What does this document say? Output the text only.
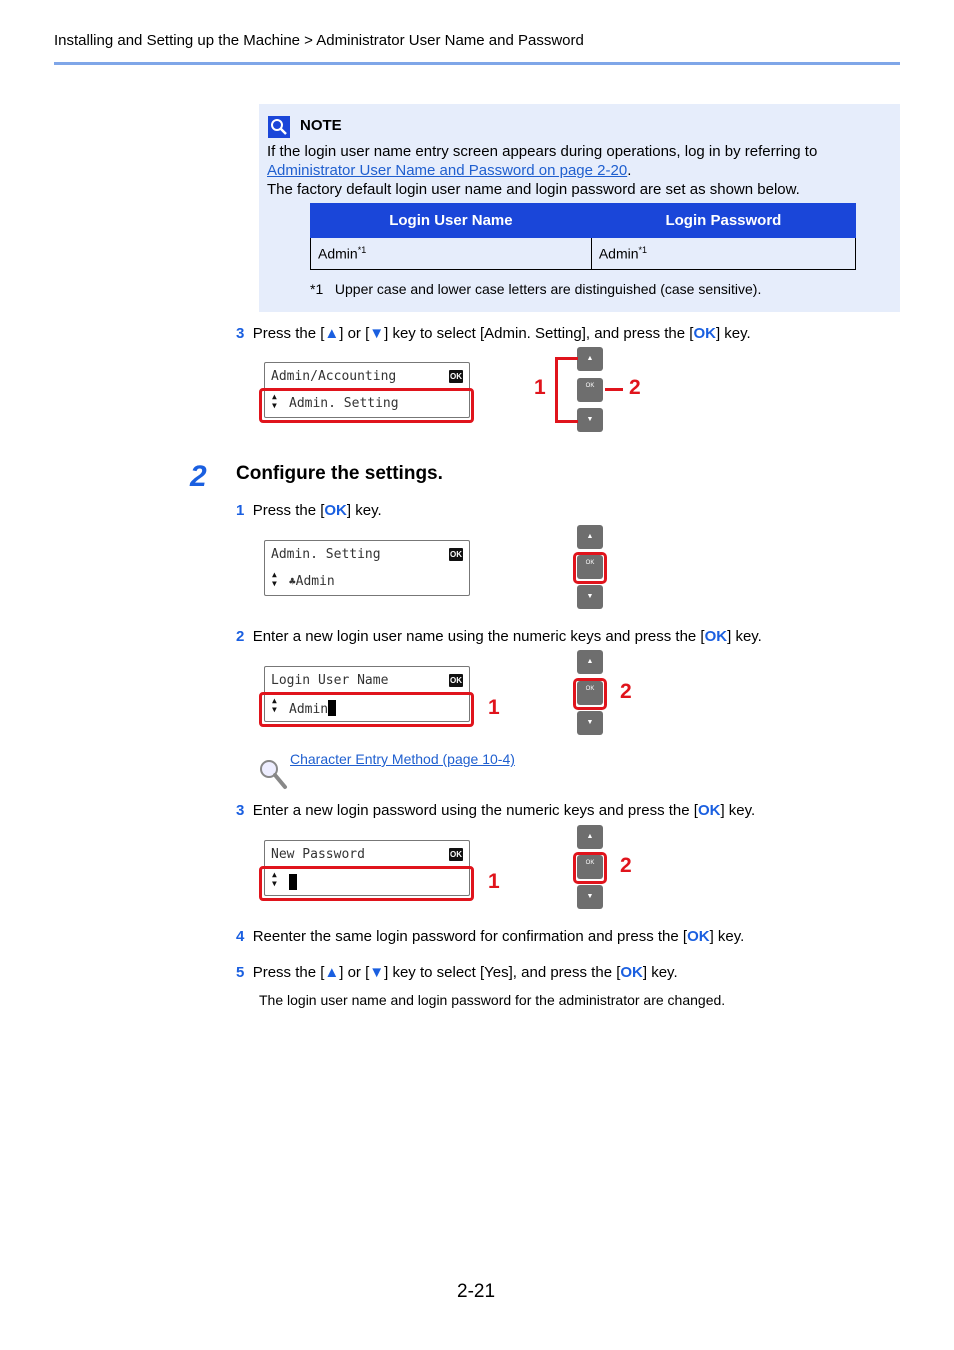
Installing and Setting up the Machine > Administrator User Name and Password
NOTE
If the login user name entry screen appears during operations, log in by referring to
Administrator User Name and Password on page 2-20.
The factory default login user name and login password are set as shown below.
Login User Name	Login Password
Admin$^{*1}$	Admin$^{*1}$
*1 Upper case and lower case letters are distinguished (case sensitive).
3 Press the [▲] or [▼] key to select [Admin. Setting], and press the [OK] key.
Admin/Accounting	OK
▲
▼ Admin. Setting
▲
OK
▼
1	2
2 Configure the settings.
1 Press the [OK] key.
Admin. Setting	OK
▲
▼ ♣Admin
▲
OK
▼
2 Enter a new login user name using the numeric keys and press the [OK] key.
Login User Name	OK
▲
▼ Admin	1
▲
OK
▼
2
Character Entry Method (page 10-4)
3 Enter a new login password using the numeric keys and press the [OK] key.
New Password	OK
▲
▼	1
▲
OK
▼
2
4 Reenter the same login password for confirmation and press the [OK] key.
5 Press the [▲] or [▼] key to select [Yes], and press the [OK] key.
The login user name and login password for the administrator are changed.
2-21
